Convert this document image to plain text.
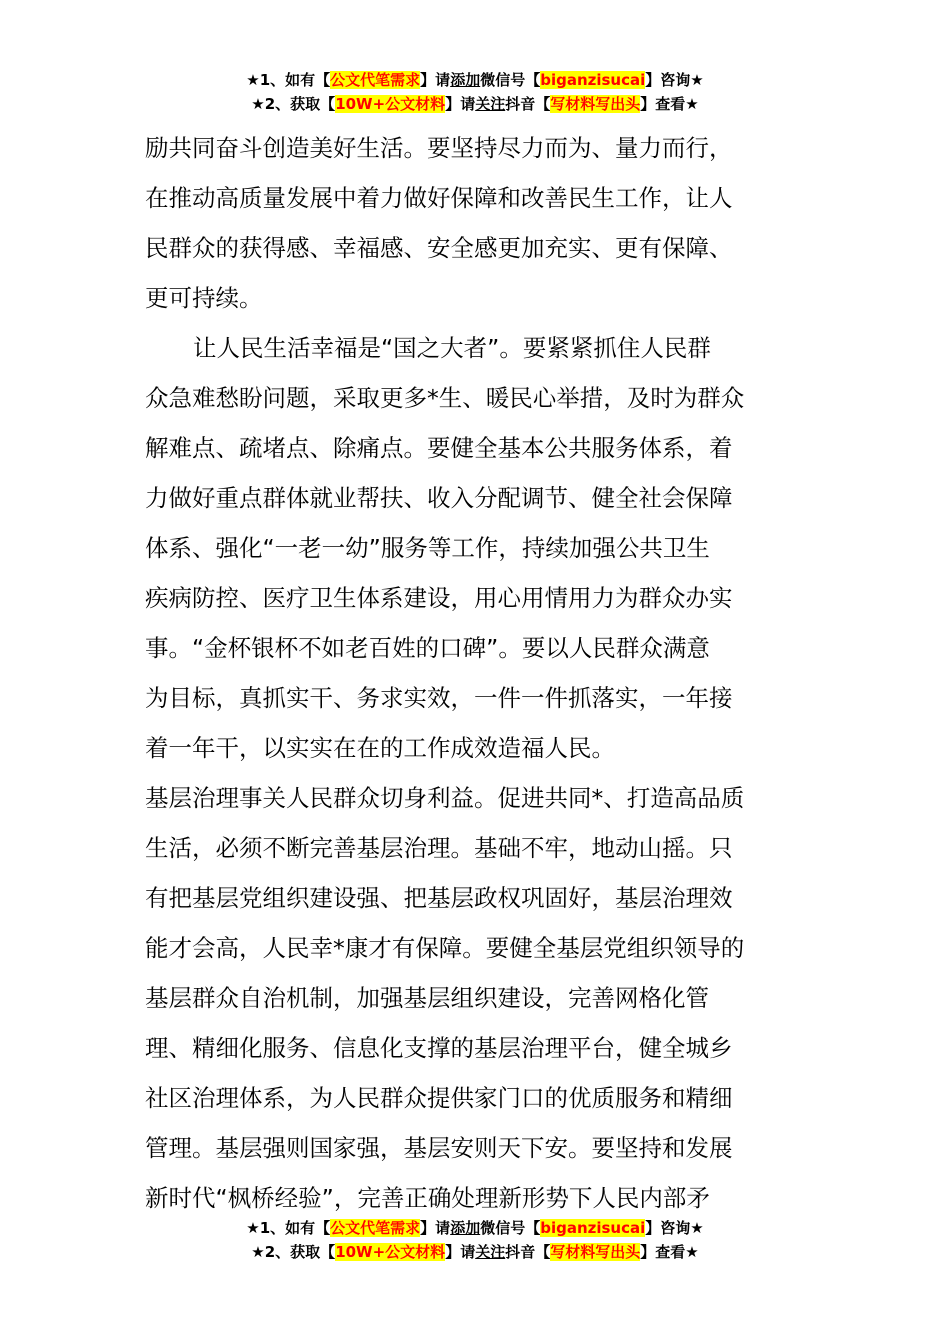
★1、如有【公文代笔需求】请添加微信号【biganzisucai】咨询★
★2、获取【10W+公文材料】请关注抖音【写材料写出头】查看★
励共同奋斗创造美好生活。要坚持尽力而为、量力而行，
在推动高质量发展中着力做好保障和改善民生工作，让人
民群众的获得感、幸福感、安全感更加充实、更有保障、
更可持续。
让人民生活幸福是“国之大者”。要紧紧抓住人民群
众急难愁盼问题，采取更多*生、暖民心举措，及时为群众
解难点、疏堵点、除痛点。要健全基本公共服务体系，着
力做好重点群体就业帮扶、收入分配调节、健全社会保障
体系、强化“一老一幼”服务等工作，持续加强公共卫生
疾病防控、医疗卫生体系建设，用心用情用力为群众办实
事。“金杯银杯不如老百姓的口碑”。要以人民群众满意
为目标，真抓实干、务求实效，一件一件抓落实，一年接
着一年干，以实实在在的工作成效造福人民。
基层治理事关人民群众切身利益。促进共同*、打造高品质
生活，必须不断完善基层治理。基础不牢，地动山摇。只
有把基层党组织建设强、把基层政权巩固好，基层治理效
能才会高，人民幸*康才有保障。要健全基层党组织领导的
基层群众自治机制，加强基层组织建设，完善网格化管
理、精细化服务、信息化支撑的基层治理平台，健全城乡
社区治理体系，为人民群众提供家门口的优质服务和精细
管理。基层强则国家强，基层安则天下安。要坚持和发展
新时代“枫桥经验”，完善正确处理新形势下人民内部矛
★1、如有【公文代笔需求】请添加微信号【biganzisucai】咨询★
★2、获取【10W+公文材料】请关注抖音【写材料写出头】查看★
